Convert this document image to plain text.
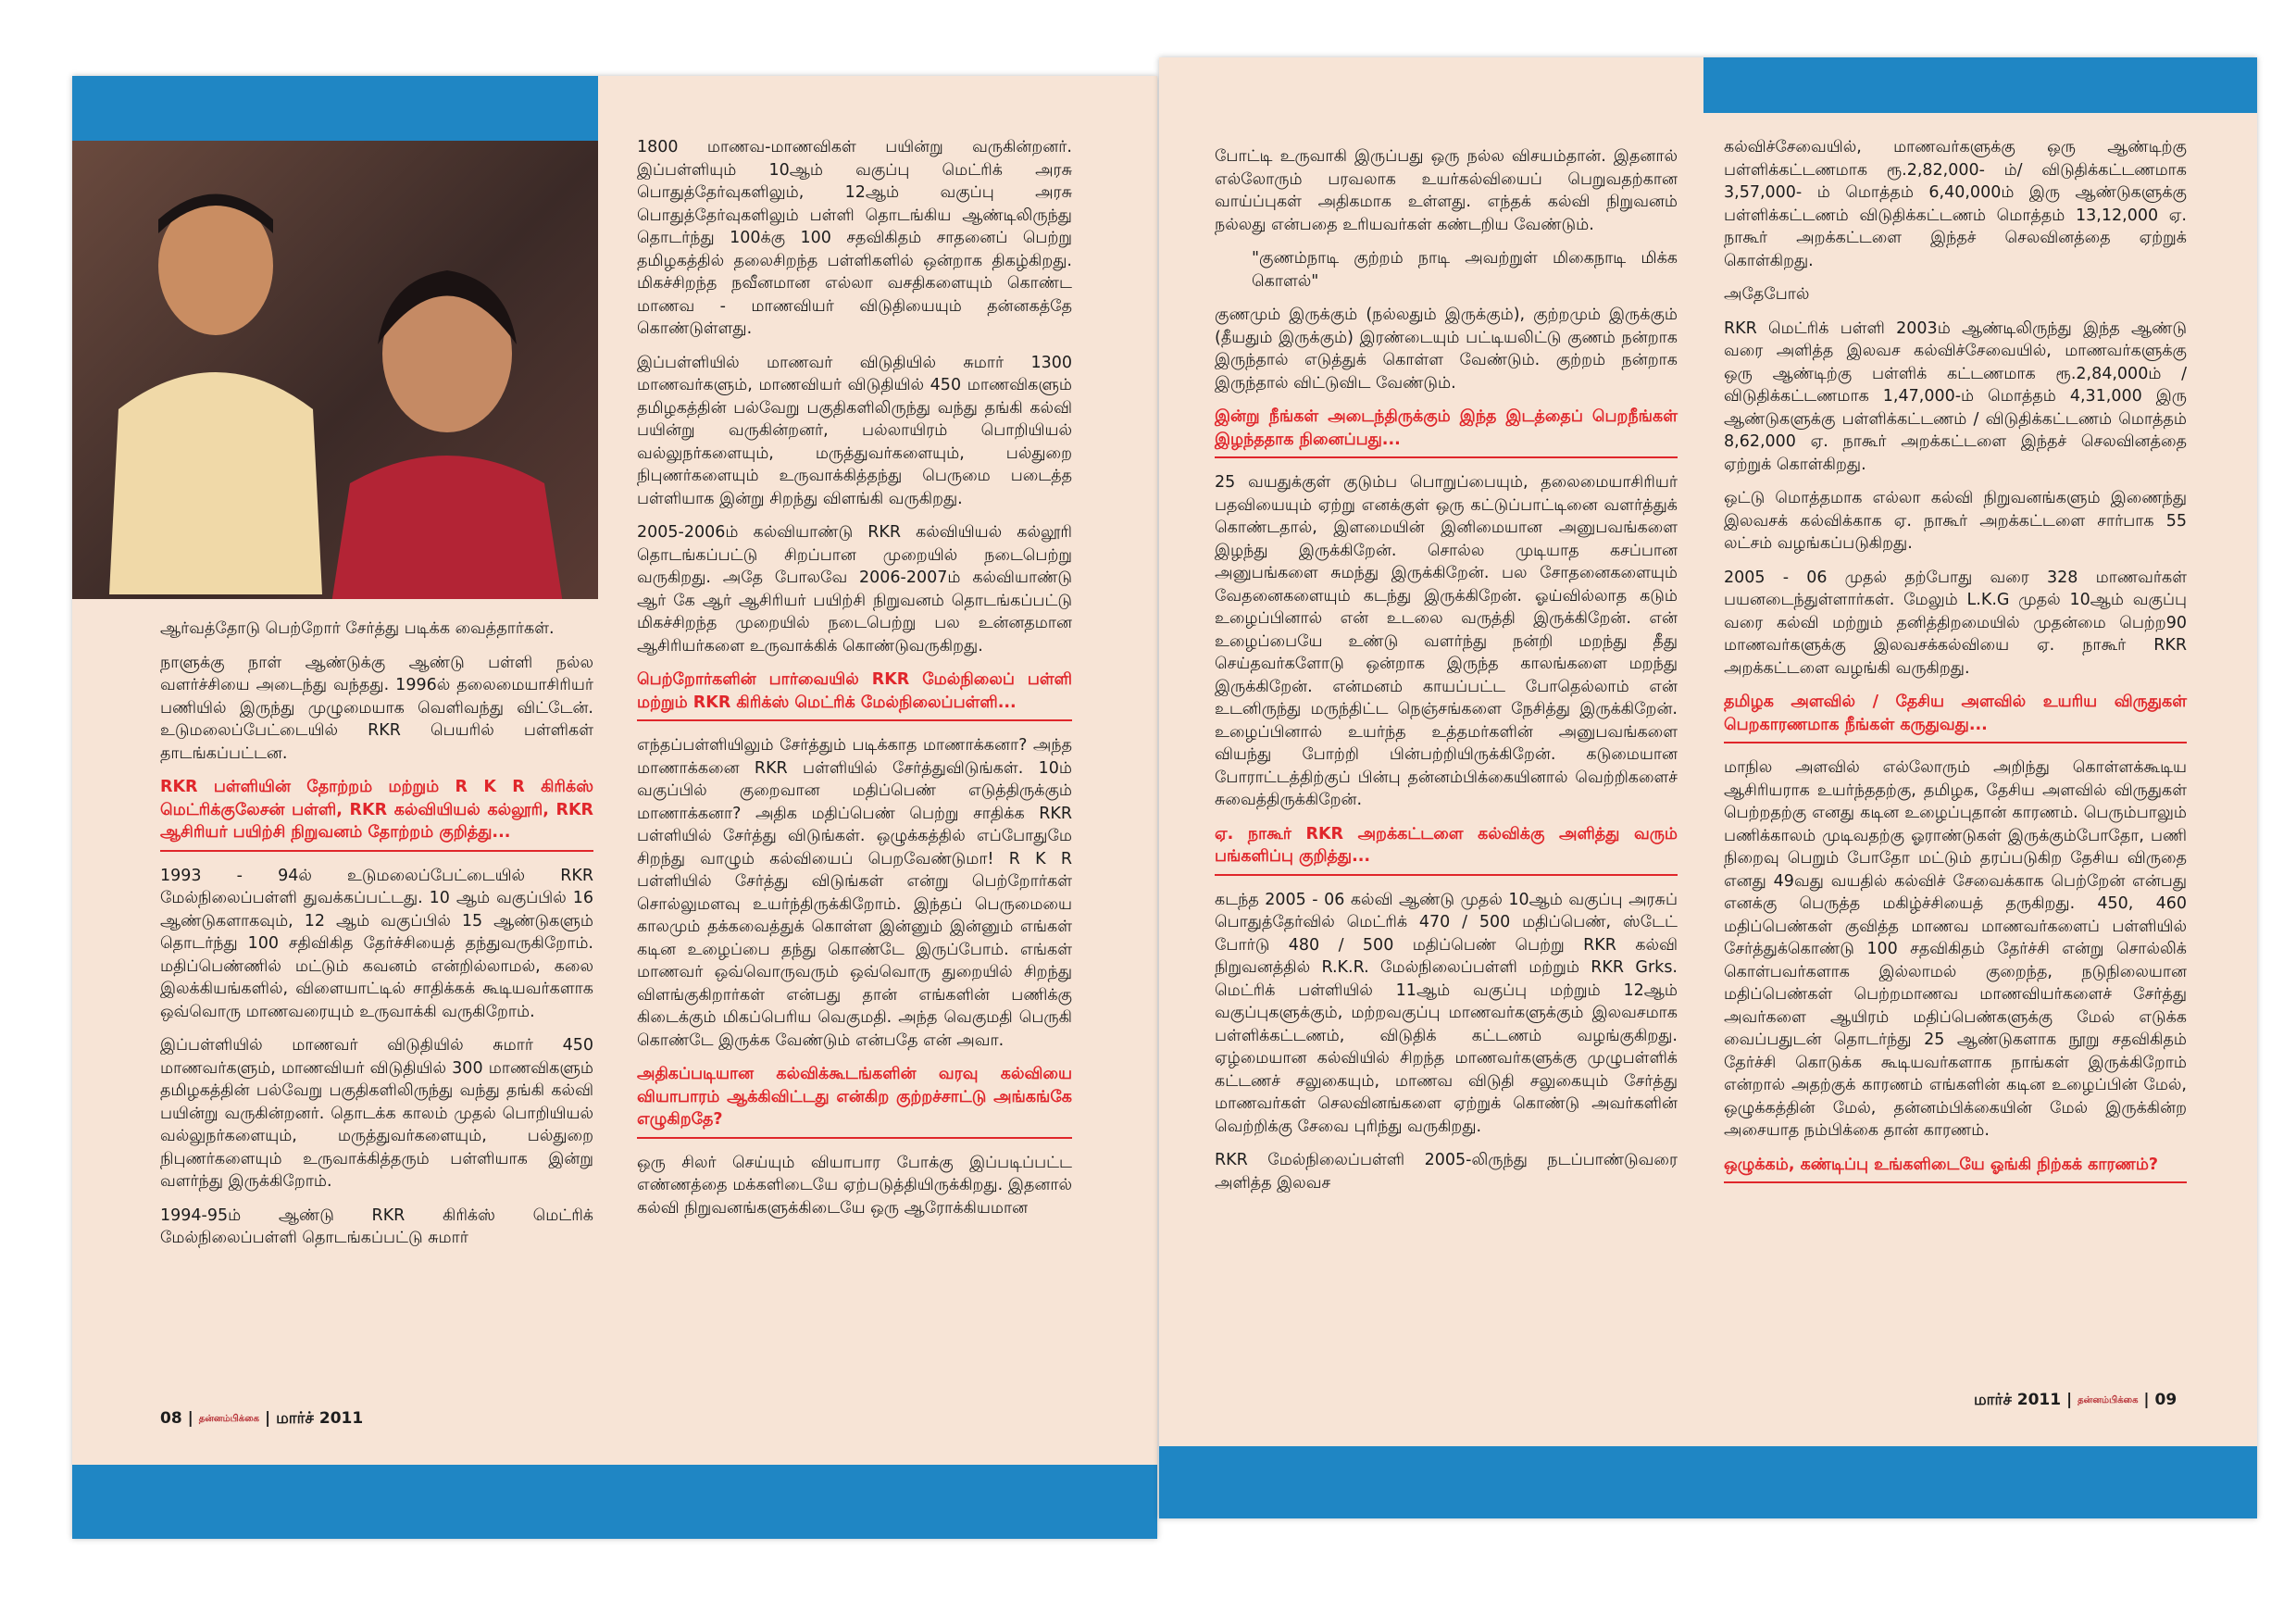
ஆர்வத்தோடு பெற்றோர் சேர்த்து படிக்க வைத்தார்கள்.

நாளுக்கு நாள் ஆண்டுக்கு ஆண்டு பள்ளி நல்ல வளர்ச்சியை அடைந்து வந்தது. 1996ல் தலைமையாசிரியர் பணியில் இருந்து முழுமையாக வெளிவந்து விட்டேன். உடுமலைப்பேட்டையில் RKR பெயரில் பள்ளிகள் தாடங்கப்பட்டன.

RKR பள்ளியின் தோற்றம் மற்றும் R K R கிரிக்ஸ் மெட்ரிக்குலேசன் பள்ளி, RKR கல்வியியல் கல்லூரி, RKR ஆசிரியர் பயிற்சி நிறுவனம் தோற்றம் குறித்து...

1993 - 94ல் உடுமலைப்பேட்டையில் RKR மேல்நிலைப்பள்ளி துவக்கப்பட்டது. 10 ஆம் வகுப்பில் 16 ஆண்டுகளாகவும், 12 ஆம் வகுப்பில் 15 ஆண்டுகளும் தொடர்ந்து 100 சதிவிகித தேர்ச்சியைத் தந்துவருகிறோம். மதிப்பெண்ணில் மட்டும் கவனம் என்றில்லாமல், கலை இலக்கியங்களில், விளையாட்டில் சாதிக்கக் கூடியவர்களாக ஒவ்வொரு மாணவரையும் உருவாக்கி வருகிறோம்.

இப்பள்ளியில் மாணவர் விடுதியில் சுமார் 450 மாணவர்களும், மாணவியர் விடுதியில் 300 மாணவிகளும் தமிழகத்தின் பல்வேறு பகுதிகளிலிருந்து வந்து தங்கி கல்வி பயின்று வருகின்றனர். தொடக்க காலம் முதல் பொறியியல் வல்லுநர்களையும், மருத்துவர்களையும், பல்துறை நிபுணர்களையும் உருவாக்கித்தரும் பள்ளியாக இன்று வளர்ந்து இருக்கிறோம்.

1994-95ம் ஆண்டு RKR கிரிக்ஸ் மெட்ரிக் மேல்நிலைப்பள்ளி தொடங்கப்பட்டு சுமார்

1800 மாணவ-மாணவிகள் பயின்று வருகின்றனர். இப்பள்ளியும் 10ஆம் வகுப்பு மெட்ரிக் அரசு பொதுத்தேர்வுகளிலும், 12ஆம் வகுப்பு அரசு பொதுத்தேர்வுகளிலும் பள்ளி தொடங்கிய ஆண்டிலிருந்து தொடர்ந்து 100க்கு 100 சதவிகிதம் சாதனைப் பெற்று தமிழகத்தில் தலைசிறந்த பள்ளிகளில் ஒன்றாக திகழ்கிறது. மிகச்சிறந்த நவீனமான எல்லா வசதிகளையும் கொண்ட மாணவ - மாணவியர் விடுதியையும் தன்னகத்தே கொண்டுள்ளது.

இப்பள்ளியில் மாணவர் விடுதியில் சுமார் 1300 மாணவர்களும், மாணவியர் விடுதியில் 450 மாணவிகளும் தமிழகத்தின் பல்வேறு பகுதிகளிலிருந்து வந்து தங்கி கல்வி பயின்று வருகின்றனர், பல்லாயிரம் பொறியியல் வல்லுநர்களையும், மருத்துவர்களையும், பல்துறை நிபுணர்களையும் உருவாக்கித்தந்து பெருமை படைத்த பள்ளியாக இன்று சிறந்து விளங்கி வருகிறது.

2005-2006ம் கல்வியாண்டு RKR கல்வியியல் கல்லூரி தொடங்கப்பட்டு சிறப்பான முறையில் நடைபெற்று வருகிறது. அதே போலவே 2006-2007ம் கல்வியாண்டு ஆர் கே ஆர் ஆசிரியர் பயிற்சி நிறுவனம் தொடங்கப்பட்டு மிகச்சிறந்த முறையில் நடைபெற்று பல உன்னதமான ஆசிரியர்களை உருவாக்கிக் கொண்டுவருகிறது.

பெற்றோர்களின் பார்வையில் RKR மேல்நிலைப் பள்ளி மற்றும் RKR கிரிக்ஸ் மெட்ரிக் மேல்நிலைப்பள்ளி...

எந்தப்பள்ளியிலும் சேர்த்தும் படிக்காத மாணாக்கனா? அந்த மாணாக்கனை RKR பள்ளியில் சேர்த்துவிடுங்கள். 10ம் வகுப்பில் குறைவான மதிப்பெண் எடுத்திருக்கும் மாணாக்கனா? அதிக மதிப்பெண் பெற்று சாதிக்க RKR பள்ளியில் சேர்த்து விடுங்கள். ஒழுக்கத்தில் எப்போதுமே சிறந்து வாழும் கல்வியைப் பெறவேண்டுமா! R K R பள்ளியில் சேர்த்து விடுங்கள் என்று பெற்றோர்கள் சொல்லுமளவு உயர்ந்திருக்கிறோம். இந்தப் பெருமையை காலமும் தக்கவைத்துக் கொள்ள இன்னும் இன்னும் எங்கள் கடின உழைப்பை தந்து கொண்டே இருப்போம். எங்கள் மாணவர் ஒவ்வொருவரும் ஒவ்வொரு துறையில் சிறந்து விளங்குகிறார்கள் என்பது தான் எங்களின் பணிக்கு கிடைக்கும் மிகப்பெரிய வெகுமதி. அந்த வெகுமதி பெருகி கொண்டே இருக்க வேண்டும் என்பதே என் அவா.

அதிகப்படியான கல்விக்கூடங்களின் வரவு கல்வியை வியாபாரம் ஆக்கிவிட்டது என்கிற குற்றச்சாட்டு அங்கங்கே எழுகிறதே?

ஒரு சிலர் செய்யும் வியாபார போக்கு இப்படிப்பட்ட எண்ணத்தை மக்களிடையே ஏற்படுத்தியிருக்கிறது. இதனால் கல்வி நிறுவனங்களுக்கிடையே ஒரு ஆரோக்கியமான

08 | தன்னம்பிக்கை | மார்ச் 2011

போட்டி உருவாகி இருப்பது ஒரு நல்ல விசயம்தான். இதனால் எல்லோரும் பரவலாக உயர்கல்வியைப் பெறுவதற்கான வாய்ப்புகள் அதிகமாக உள்ளது. எந்தக் கல்வி நிறுவனம் நல்லது என்பதை உரியவர்கள் கண்டறிய வேண்டும்.

"குணம்நாடி குற்றம் நாடி அவற்றுள் மிகைநாடி மிக்க கொளல்"

குணமும் இருக்கும் (நல்லதும் இருக்கும்), குற்றமும் இருக்கும் (தீயதும் இருக்கும்) இரண்டையும் பட்டியலிட்டு குணம் நன்றாக இருந்தால் எடுத்துக் கொள்ள வேண்டும். குற்றம் நன்றாக இருந்தால் விட்டுவிட வேண்டும்.

இன்று நீங்கள் அடைந்திருக்கும் இந்த இடத்தைப் பெறநீங்கள் இழந்ததாக நினைப்பது...

25 வயதுக்குள் குடும்ப பொறுப்பையும், தலைமையாசிரியர் பதவியையும் ஏற்று எனக்குள் ஒரு கட்டுப்பாட்டினை வளர்த்துக் கொண்டதால், இளமையின் இனிமையான அனுபவங்களை இழந்து இருக்கிறேன். சொல்ல முடியாத கசப்பான அனுபங்களை சுமந்து இருக்கிறேன். பல சோதனைகளையும் வேதனைகளையும் கடந்து இருக்கிறேன். ஓய்வில்லாத கடும் உழைப்பினால் என் உடலை வருத்தி இருக்கிறேன். என் உழைப்பையே உண்டு வளர்ந்து நன்றி மறந்து தீது செய்தவர்களோடு ஒன்றாக இருந்த காலங்களை மறந்து இருக்கிறேன். என்மனம் காயப்பட்ட போதெல்லாம் என் உடனிருந்து மருந்திட்ட நெஞ்சங்களை நேசித்து இருக்கிறேன். உழைப்பினால் உயர்ந்த உத்தமர்களின் அனுபவங்களை வியந்து போற்றி பின்பற்றியிருக்கிறேன். கடுமையான போராட்டத்திற்குப் பின்பு தன்னம்பிக்கையினால் வெற்றிகளைச் சுவைத்திருக்கிறேன்.

ஏ. நாகூர் RKR அறக்கட்டளை கல்விக்கு அளித்து வரும் பங்களிப்பு குறித்து...

கடந்த 2005 - 06 கல்வி ஆண்டு முதல் 10ஆம் வகுப்பு அரசுப் பொதுத்தேர்வில் மெட்ரிக் 470 / 500 மதிப்பெண், ஸ்டேட் போர்டு 480 / 500 மதிப்பெண் பெற்று RKR கல்வி நிறுவனத்தில் R.K.R. மேல்நிலைப்பள்ளி மற்றும் RKR Grks. மெட்ரிக் பள்ளியில் 11ஆம் வகுப்பு மற்றும் 12ஆம் வகுப்புகளுக்கும், மற்றவகுப்பு மாணவர்களுக்கும் இலவசமாக பள்ளிக்கட்டணம், விடுதிக் கட்டணம் வழங்குகிறது. ஏழ்மையான கல்வியில் சிறந்த மாணவர்களுக்கு முழுபள்ளிக் கட்டணச் சலுகையும், மாணவ விடுதி சலுகையும் சேர்த்து மாணவர்கள் செலவினங்களை ஏற்றுக் கொண்டு அவர்களின் வெற்றிக்கு சேவை புரிந்து வருகிறது.

RKR மேல்நிலைப்பள்ளி 2005-லிருந்து நடப்பாண்டுவரை அளித்த இலவச

கல்விச்சேவையில், மாணவர்களுக்கு ஒரு ஆண்டிற்கு பள்ளிக்கட்டணமாக ரூ.2,82,000- ம்/ விடுதிக்கட்டணமாக 3,57,000- ம் மொத்தம் 6,40,000ம் இரு ஆண்டுகளுக்கு பள்ளிக்கட்டணம் விடுதிக்கட்டணம் மொத்தம் 13,12,000 ஏ. நாகூர் அறக்கட்டளை இந்தச் செலவினத்தை ஏற்றுக் கொள்கிறது.

அதேபோல்

RKR மெட்ரிக் பள்ளி 2003ம் ஆண்டிலிருந்து இந்த ஆண்டு வரை அளித்த இலவச கல்விச்சேவையில், மாணவர்களுக்கு ஒரு ஆண்டிற்கு பள்ளிக் கட்டணமாக ரூ.2,84,000ம் / விடுதிக்கட்டணமாக 1,47,000-ம் மொத்தம் 4,31,000 இரு ஆண்டுகளுக்கு பள்ளிக்கட்டணம் / விடுதிக்கட்டணம் மொத்தம் 8,62,000 ஏ. நாகூர் அறக்கட்டளை இந்தச் செலவினத்தை ஏற்றுக் கொள்கிறது.

ஒட்டு மொத்தமாக எல்லா கல்வி நிறுவனங்களும் இணைந்து இலவசக் கல்விக்காக ஏ. நாகூர் அறக்கட்டளை சார்பாக 55 லட்சம் வழங்கப்படுகிறது.

2005 - 06 முதல் தற்போது வரை 328 மாணவர்கள் பயனடைந்துள்ளார்கள். மேலும் L.K.G முதல் 10ஆம் வகுப்பு வரை கல்வி மற்றும் தனித்திறமையில் முதன்மை பெற்ற90 மாணவர்களுக்கு இலவசக்கல்வியை ஏ. நாகூர் RKR அறக்கட்டளை வழங்கி வருகிறது.

தமிழக அளவில் / தேசிய அளவில் உயரிய விருதுகள் பெறகாரணமாக நீங்கள் கருதுவது...

மாநில அளவில் எல்லோரும் அறிந்து கொள்ளக்கூடிய ஆசிரியராக உயர்ந்ததற்கு, தமிழக, தேசிய அளவில் விருதுகள் பெற்றதற்கு எனது கடின உழைப்புதான் காரணம். பெரும்பாலும் பணிக்காலம் முடிவதற்கு ஓராண்டுகள் இருக்கும்போதோ, பணி நிறைவு பெறும் போதோ மட்டும் தரப்படுகிற தேசிய விருதை எனது 49வது வயதில் கல்விச் சேவைக்காக பெற்றேன் என்பது எனக்கு பெருத்த மகிழ்ச்சியைத் தருகிறது. 450, 460 மதிப்பெண்கள் குவித்த மாணவ மாணவர்களைப் பள்ளியில் சேர்த்துக்கொண்டு 100 சதவிகிதம் தேர்ச்சி என்று சொல்லிக் கொள்பவர்களாக இல்லாமல் குறைந்த, நடுநிலையான மதிப்பெண்கள் பெற்றமாணவ மாணவியர்களைச் சேர்த்து அவர்களை ஆயிரம் மதிப்பெண்களுக்கு மேல் எடுக்க வைப்பதுடன் தொடர்ந்து 25 ஆண்டுகளாக நூறு சதவிகிதம் தேர்ச்சி கொடுக்க கூடியவர்களாக நாங்கள் இருக்கிறோம் என்றால் அதற்குக் காரணம் எங்களின் கடின உழைப்பின் மேல், ஒழுக்கத்தின் மேல், தன்னம்பிக்கையின் மேல் இருக்கின்ற அசையாத நம்பிக்கை தான் காரணம்.

ஒழுக்கம், கண்டிப்பு உங்களிடையே ஓங்கி நிற்கக் காரணம்?
மார்ச் 2011 | தன்னம்பிக்கை | 09
